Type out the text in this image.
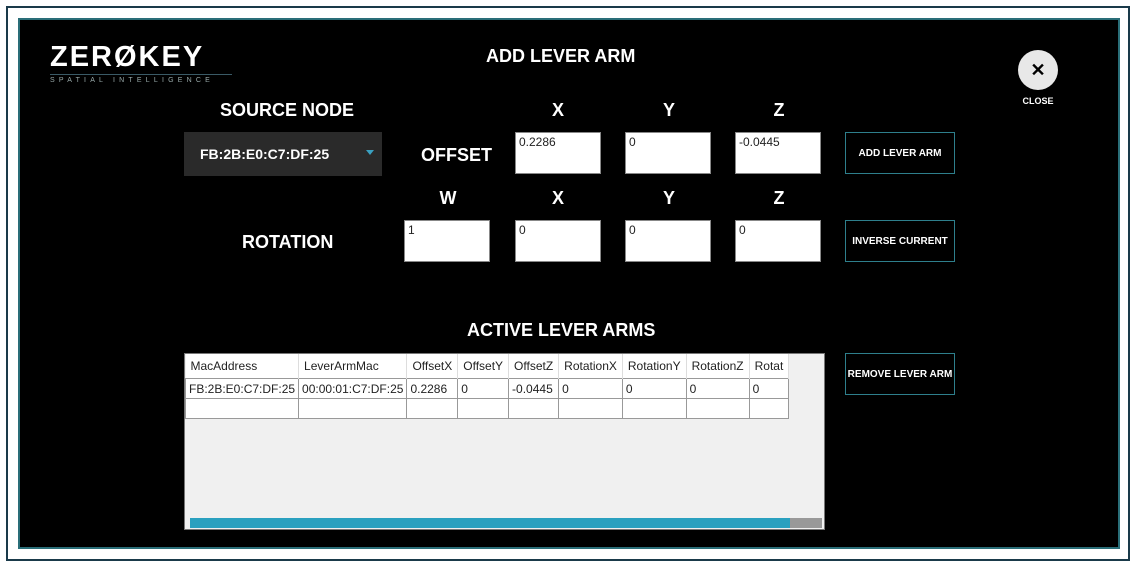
ZERØKEY
SPATIAL INTELLIGENCE
ADD LEVER ARM
✕
CLOSE
SOURCE NODE
FB:2B:E0:C7:DF:25
X	Y	Z
OFFSET
0.2286	0	-0.0445
ADD LEVER ARM
W	X	Y	Z
ROTATION
1	0	0	0
INVERSE CURRENT
ACTIVE LEVER ARMS
MacAddress	LeverArmMac	OffsetX	OffsetY	OffsetZ	RotationX	RotationY	RotationZ	Rotat
FB:2B:E0:C7:DF:25	00:00:01:C7:DF:25	0.2286	0	-0.0445	0	0	0	0

REMOVE LEVER ARM
